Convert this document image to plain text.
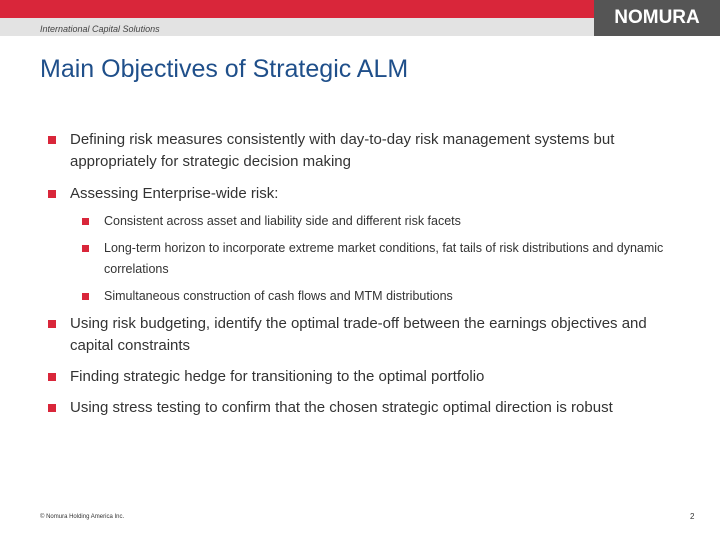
NOMURA
International Capital Solutions
Main Objectives of Strategic ALM
Defining risk measures consistently with day-to-day risk management systems but appropriately for strategic decision making
Assessing Enterprise-wide risk:
Consistent across asset and liability side and different risk facets
Long-term horizon to incorporate extreme market conditions, fat tails of risk distributions and dynamic correlations
Simultaneous construction of cash flows and MTM distributions
Using risk budgeting, identify the optimal trade-off between the earnings objectives and capital constraints
Finding strategic hedge for transitioning to the optimal portfolio
Using stress testing to confirm that the chosen strategic optimal direction is robust
© Nomura Holding America Inc.	2
